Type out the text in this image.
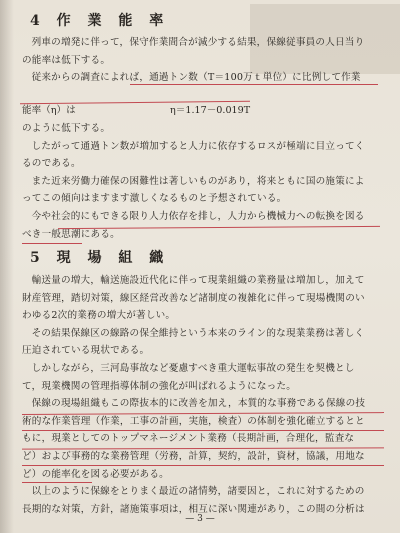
4 作 業 能 率

列車の増発に伴って，保守作業間合が減少する結果，保線従事員の人日当り

の能率は低下する。

従来からの調査によれば，通過トン数（T＝100万ｔ単位）に比例して作業

能率（η）は	η＝1.17－0.019T

のように低下する。

したがって通過トン数が増加すると人力に依存するロスが極端に目立ってく

るのである。

また近来労働力確保の困難性は著しいものがあり，将来ともに国の施策によ

ってこの傾向はますます激しくなるものと予想されている。

今や社会的にもできる限り人力依存を排し，人力から機械力への転換を図る

べき一般思潮にある。

5 現 場 組 織

輸送量の増大，輸送施設近代化に伴って現業組織の業務量は増加し，加えて

財産管理，踏切対策，線区経営改善など諸制度の複雑化に伴って現場機関のい

わゆる2次的業務の増大が著しい。

その結果保線区の線路の保全維持という本来のライン的な現業業務は著しく

圧迫されている現状である。

しかしながら，三河島事故など憂慮すべき重大運転事故の発生を契機とし

て，現業機関の管理指導体制の強化が叫ばれるようになった。

保線の現場組織もこの際抜本的に改善を加え，本質的な事務である保線の技

術的な作業管理（作業，工事の計画，実施，検査）の体制を強化確立するとと

もに，現業としてのトップマネージメント業務（長期計画，合理化，監査な

ど）および事務的な業務管理（労務，計算，契約，設計，資材，協議，用地な

ど）の能率化を図る必要がある。

以上のように保線をとりまく最近の諸情勢，諸要因と，これに対するための

長期的な対策，方針，諸施策事項は，相互に深い関連があり，この間の分析は

— 3 —
